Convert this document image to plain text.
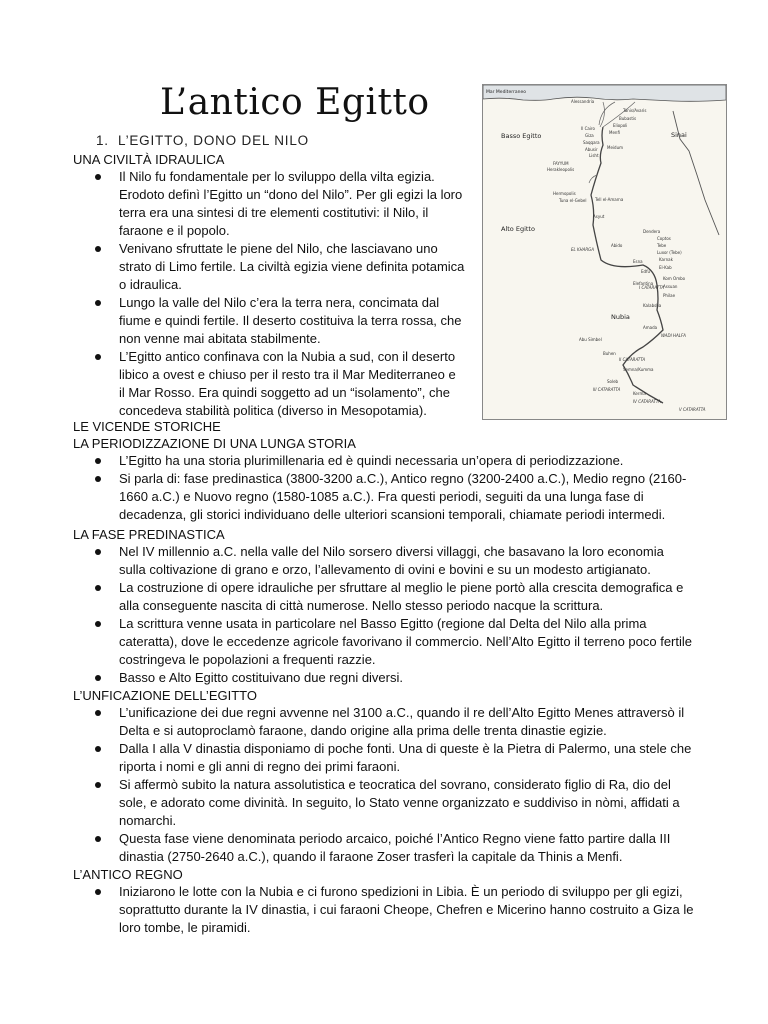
L’antico Egitto
1. L’EGITTO, DONO DEL NILO
UNA CIVILTÀ IDRAULICA
Il Nilo fu fondamentale per lo sviluppo della vilta egizia. Erodoto definì l’Egitto un “dono del Nilo”. Per gli egizi la loro terra era una sintesi di tre elementi costitutivi: il Nilo, il faraone e il popolo.
Venivano sfruttate le piene del Nilo, che lasciavano uno strato di Limo fertile. La civiltà egizia viene definita potamica o idraulica.
Lungo la valle del Nilo c’era la terra nera, concimata dal fiume e quindi fertile. Il deserto costituiva la terra rossa, che non venne mai abitata stabilmente.
L’Egitto antico confinava con la Nubia a sud, con il deserto libico a ovest e chiuso per il resto tra il Mar Mediterraneo e il Mar Rosso. Era quindi soggetto ad un “isolamento”, che concedeva stabilità politica (diverso in Mesopotamia).
LE VICENDE STORICHE
LA PERIODIZZAZIONE DI UNA LUNGA STORIA
L’Egitto ha una storia plurimillenaria ed è quindi necessaria un’opera di periodizzazione.
Si parla di: fase predinastica (3800-3200 a.C.), Antico regno (3200-2400 a.C.), Medio regno (2160-1660 a.C.) e Nuovo regno (1580-1085 a.C.). Fra questi periodi, seguiti da una lunga fase di decadenza, gli storici individuano delle ulteriori scansioni temporali, chiamate periodi intermedi.
LA FASE PREDINASTICA
Nel IV millennio a.C. nella valle del Nilo sorsero diversi villaggi, che basavano la loro economia sulla coltivazione di grano e orzo, l’allevamento di ovini e bovini e su un modesto artigianato.
La costruzione di opere idrauliche per sfruttare al meglio le piene portò alla crescita demografica e alla conseguente nascita di città numerose. Nello stesso periodo nacque la scrittura.
La scrittura venne usata in particolare nel Basso Egitto (regione dal Delta del Nilo alla prima cateratta), dove le eccedenze agricole favorivano il commercio. Nell’Alto Egitto il terreno poco fertile costringeva le popolazioni a frequenti razzie.
Basso e Alto Egitto costituivano due regni diversi.
L’UNFICAZIONE DELL’EGITTO
L’unificazione dei due regni avvenne nel 3100 a.C., quando il re dell’Alto Egitto Menes attraversò il Delta e si autoproclamò faraone, dando origine alla prima delle trenta dinastie egizie.
Dalla I alla V dinastia disponiamo di poche fonti. Una di queste è la Pietra di Palermo, una stele che riporta i nomi e gli anni di regno dei primi faraoni.
Si affermò subito la natura assolutistica e teocratica del sovrano, considerato figlio di Ra, dio del sole, e adorato come divinità. In seguito, lo Stato venne organizzato e suddiviso in nòmi, affidati a nomarchi.
Questa fase viene denominata periodo arcaico, poiché l’Antico Regno viene fatto partire dalla III dinastia (2750-2640 a.C.), quando il faraone Zoser trasferì la capitale da Thinis a Menfi.
L’ANTICO REGNO
Iniziarono le lotte con la Nubia e ci furono spedizioni in Libia. È un periodo di sviluppo per gli egizi, soprattutto durante la IV dinastia, i cui faraoni Cheope, Chefren e Micerino hanno costruito a Giza le loro tombe, le piramidi.
Mar Mediterraneo
Basso Egitto	Sinai
Alto Egitto
Nubia
Alessandria
Tanis/Avaris
Bubastis
Eliopoli
Il Cairo
Menfi
Giza
Saqqara
Abusir Meidum
Lisht
FAYYUM
Herakleopolis
Hermopolis
Tell el-Amarna
Tuna el-Gebel
Asyut
Abido
Dendera
Coptos
Tebe
Luxor (Tebe)
Karnak
Esna
El-Kab
Edfu
Kom Ombo
Assuan
Elefantina
Philae
Kalabsha
Amada
Abu Simbel
Buhen
Semna/Kumma
Soleb
Kerma
I CATARATTA
II CATARATTA
III CATARATTA
IV CATARATTA
V CATARATTA
WADI HALFA
EL KHARGA
